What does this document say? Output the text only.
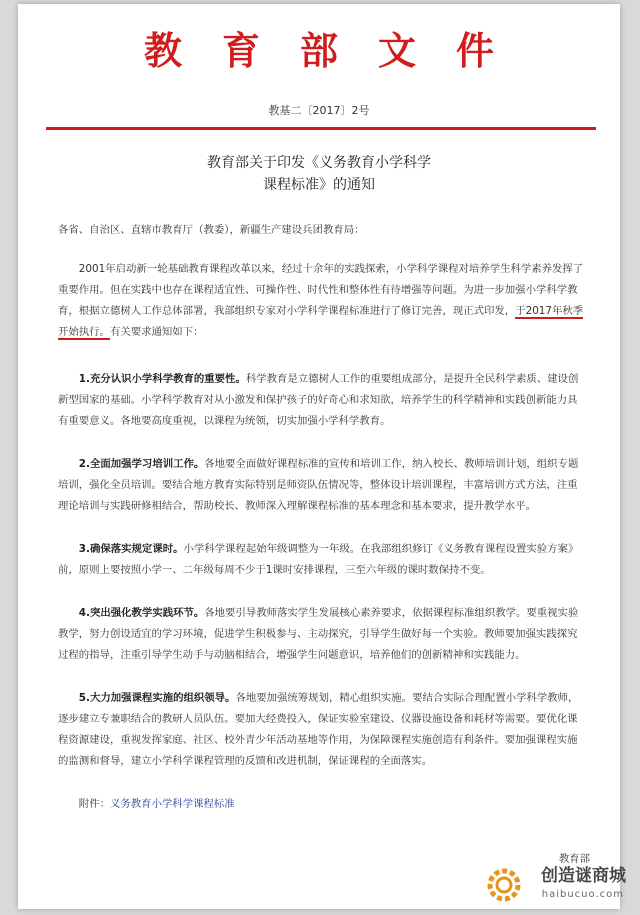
教育部文件
教基二〔2017〕2号
教育部关于印发《义务教育小学科学
课程标准》的通知

各省、自治区、直辖市教育厅（教委），新疆生产建设兵团教育局：

2001年启动新一轮基础教育课程改革以来，经过十余年的实践探索，小学科学课程对培养学生科学素养发挥了重要作用。但在实践中也存在课程适宜性、可操作性、时代性和整体性有待增强等问题。为进一步加强小学科学教育，根据立德树人工作总体部署，我部组织专家对小学科学课程标准进行了修订完善，现正式印发，于2017年秋季开始执行。有关要求通知如下：

1.充分认识小学科学教育的重要性。科学教育是立德树人工作的重要组成部分，是提升全民科学素质、建设创新型国家的基础。小学科学教育对从小激发和保护孩子的好奇心和求知欲，培养学生的科学精神和实践创新能力具有重要意义。各地要高度重视，以课程为统领，切实加强小学科学教育。

2.全面加强学习培训工作。各地要全面做好课程标准的宣传和培训工作，纳入校长、教师培训计划，组织专题培训，强化全员培训。要结合地方教育实际特别是师资队伍情况等，整体设计培训课程，丰富培训方式方法，注重理论培训与实践研修相结合，帮助校长、教师深入理解课程标准的基本理念和基本要求，提升教学水平。

3.确保落实规定课时。小学科学课程起始年级调整为一年级。在我部组织修订《义务教育课程设置实验方案》前，原则上要按照小学一、二年级每周不少于1课时安排课程，三至六年级的课时数保持不变。

4.突出强化教学实践环节。各地要引导教师落实学生发展核心素养要求，依据课程标准组织教学。要重视实验教学，努力创设适宜的学习环境，促进学生积极参与、主动探究，引导学生做好每一个实验。教师要加强实践探究过程的指导，注重引导学生动手与动脑相结合，增强学生问题意识，培养他们的创新精神和实践能力。

5.大力加强课程实施的组织领导。各地要加强统筹规划，精心组织实施。要结合实际合理配置小学科学教师，逐步建立专兼职结合的教研人员队伍。要加大经费投入，保证实验室建设、仪器设施设备和耗材等需要。要优化课程资源建设，重视发挥家庭、社区、校外青少年活动基地等作用，为保障课程实施创造有利条件。要加强课程实施的监测和督导，建立小学科学课程管理的反馈和改进机制，保证课程的全面落实。

附件：义务教育小学科学课程标准

教育部
创造谜商城
haibucuo.com
